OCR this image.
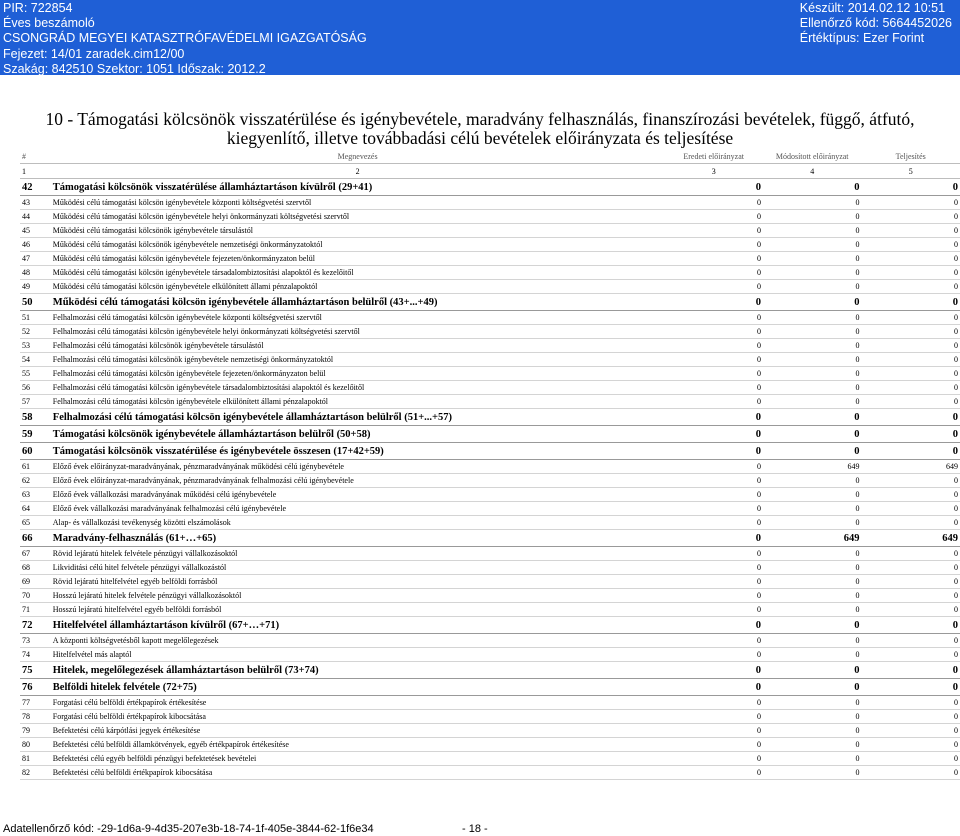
PIR: 722854
Éves beszámoló
CSONGRÁD MEGYEI KATASZTRÓFAVÉDELMI IGAZGATÓSÁG
Fejezet: 14/01 zaradek.cim12/00
Szakág: 842510 Szektor: 1051 Időszak: 2012.2
Készült: 2014.02.12 10:51
Ellenőrző kód: 5664452026
Értéktípus: Ezer Forint
10 - Támogatási kölcsönök visszatérülése és igénybevétele, maradvány felhasználás, finanszírozási bevételek, függő, átfutó,
kiegyenlítő, illetve továbbadási célú bevételek előirányzata és teljesítése
#	Megnevezés	Eredeti előirányzat	Módosított előirányzat	Teljesítés
1	2	3	4	5
42	Támogatási kölcsönök visszatérülése államháztartáson kívülről (29+41)	0	0	0
43	Működési célú támogatási kölcsön igénybevétele központi költségvetési szervtől	0	0	0
44	Működési célú támogatási kölcsön igénybevétele helyi önkormányzati költségvetési szervtől	0	0	0
45	Működési célú támogatási kölcsönök igénybevétele társulástól	0	0	0
46	Működési célú támogatási kölcsönök igénybevétele nemzetiségi önkormányzatoktól	0	0	0
47	Működési célú támogatási kölcsön igénybevétele fejezeten/önkormányzaton belül	0	0	0
48	Működési célú támogatási kölcsön igénybevétele társadalombiztosítási alapoktól és kezelőitől	0	0	0
49	Működési célú támogatási kölcsön igénybevétele elkülönített állami pénzalapoktól	0	0	0
50	Működési célú támogatási kölcsön igénybevétele államháztartáson belülről (43+...+49)	0	0	0
51	Felhalmozási célú támogatási kölcsön igénybevétele központi költségvetési szervtől	0	0	0
52	Felhalmozási célú támogatási kölcsön igénybevétele helyi önkormányzati költségvetési szervtől	0	0	0
53	Felhalmozási célú támogatási kölcsönök igénybevétele társulástól	0	0	0
54	Felhalmozási célú támogatási kölcsönök igénybevétele nemzetiségi önkormányzatoktól	0	0	0
55	Felhalmozási célú támogatási kölcsön igénybevétele fejezeten/önkormányzaton belül	0	0	0
56	Felhalmozási célú támogatási kölcsön igénybevétele társadalombiztosítási alapoktól és kezelőitől	0	0	0
57	Felhalmozási célú támogatási kölcsön igénybevétele elkülönített állami pénzalapoktól	0	0	0
58	Felhalmozási célú támogatási kölcsön igénybevétele államháztartáson belülről (51+...+57)	0	0	0
59	Támogatási kölcsönök igénybevétele államháztartáson belülről (50+58)	0	0	0
60	Támogatási kölcsönök visszatérülése és igénybevétele összesen (17+42+59)	0	0	0
61	Előző évek előirányzat-maradványának, pénzmaradványának működési célú igénybevétele	0	649	649
62	Előző évek előirányzat-maradványának, pénzmaradványának felhalmozási célú igénybevétele	0	0	0
63	Előző évek vállalkozási maradványának működési célú igénybevétele	0	0	0
64	Előző évek vállalkozási maradványának felhalmozási célú igénybevétele	0	0	0
65	Alap- és vállalkozási tevékenység közötti elszámolások	0	0	0
66	Maradvány-felhasználás (61+…+65)	0	649	649
67	Rövid lejáratú hitelek felvétele pénzügyi vállalkozásoktól	0	0	0
68	Likviditási célú hitel felvétele pénzügyi vállalkozástól	0	0	0
69	Rövid lejáratú hitelfelvétel egyéb belföldi forrásból	0	0	0
70	Hosszú lejáratú hitelek felvétele pénzügyi vállalkozásoktól	0	0	0
71	Hosszú lejáratú hitelfelvétel egyéb belföldi forrásból	0	0	0
72	Hitelfelvétel államháztartáson kívülről (67+…+71)	0	0	0
73	A központi költségvetésből kapott megelőlegezések	0	0	0
74	Hitelfelvétel más alaptól	0	0	0
75	Hitelek, megelőlegezések államháztartáson belülről (73+74)	0	0	0
76	Belföldi hitelek felvétele (72+75)	0	0	0
77	Forgatási célú belföldi értékpapírok értékesítése	0	0	0
78	Forgatási célú belföldi értékpapírok kibocsátása	0	0	0
79	Befektetési célú kárpótlási jegyek értékesítése	0	0	0
80	Befektetési célú belföldi államkötvények, egyéb értékpapírok értékesítése	0	0	0
81	Befektetési célú egyéb belföldi pénzügyi befektetések bevételei	0	0	0
82	Befektetési célú belföldi értékpapírok kibocsátása	0	0	0
Adatellenőrző kód: -29-1d6a-9-4d35-207e3b-18-74-1f-405e-3844-62-1f6e34	- 18 -
